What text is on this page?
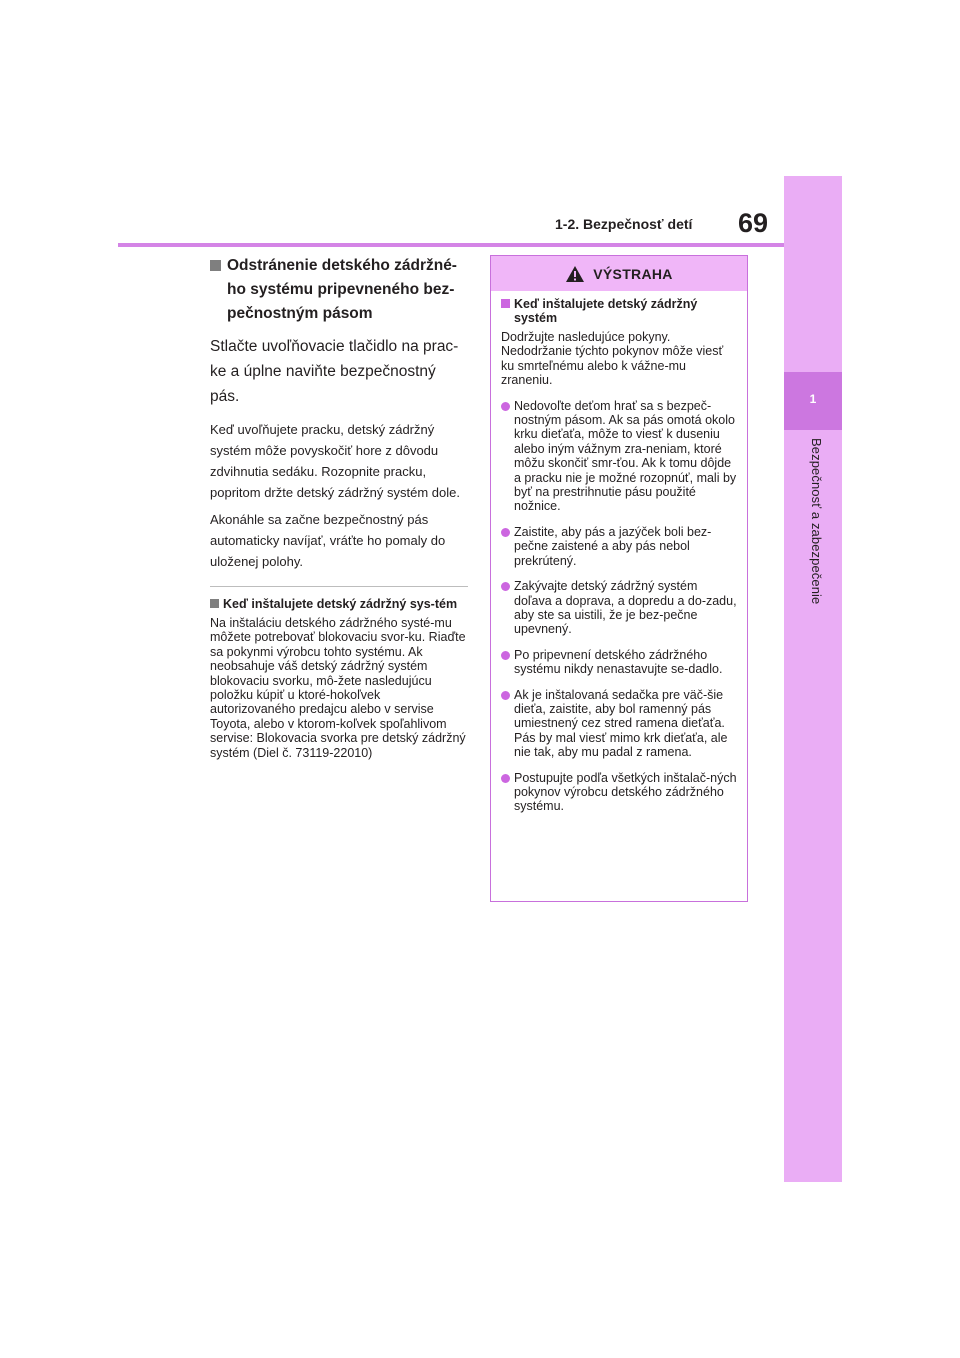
69
1-2. Bezpečnosť detí
1
Bezpečnosť a zabezpečenie
Odstránenie detského zádržné-ho systému pripevneného bez-pečnostným pásom
Stlačte uvoľňovacie tlačidlo na prac-ke a úplne naviňte bezpečnostný pás.
Keď uvoľňujete pracku, detský zádržný systém môže povyskočiť hore z dôvodu zdvihnutia sedáku. Rozopnite pracku, popritom držte detský zádržný systém dole.
Akonáhle sa začne bezpečnostný pás automaticky navíjať, vráťte ho pomaly do uloženej polohy.
Keď inštalujete detský zádržný sys-tém
Na inštaláciu detského zádržného systé-mu môžete potrebovať blokovaciu svor-ku. Riaďte sa pokynmi výrobcu tohto systému. Ak neobsahuje váš detský zádržný systém blokovaciu svorku, mô-žete nasledujúcu položku kúpiť u ktoré-hokoľvek autorizovaného predajcu alebo v servise Toyota, alebo v ktorom-koľvek spoľahlivom servise: Blokovacia svorka pre detský zádržný systém (Diel č. 73119-22010)
VÝSTRAHA
Keď inštalujete detský zádržný systém
Dodržujte nasledujúce pokyny. Nedodržanie týchto pokynov môže viesť ku smrteľnému alebo k vážne-mu zraneniu.
Nedovoľte deťom hrať sa s bezpeč-nostným pásom. Ak sa pás omotá okolo krku dieťaťa, môže to viesť k duseniu alebo iným vážnym zra-neniam, ktoré môžu skončiť smr-ťou. Ak k tomu dôjde a pracku nie je možné rozopnúť, mali by byť na prestrihnutie pásu použité nožnice.
Zaistite, aby pás a jazýček boli bez-pečne zaistené a aby pás nebol prekrútený.
Zakývajte detský zádržný systém doľava a doprava, a dopredu a do-zadu, aby ste sa uistili, že je bez-pečne upevnený.
Po pripevnení detského zádržného systému nikdy nenastavujte se-dadlo.
Ak je inštalovaná sedačka pre väč-šie dieťa, zaistite, aby bol ramenný pás umiestnený cez stred ramena dieťaťa. Pás by mal viesť mimo krk dieťaťa, ale nie tak, aby mu padal z ramena.
Postupujte podľa všetkých inštalač-ných pokynov výrobcu detského zádržného systému.
